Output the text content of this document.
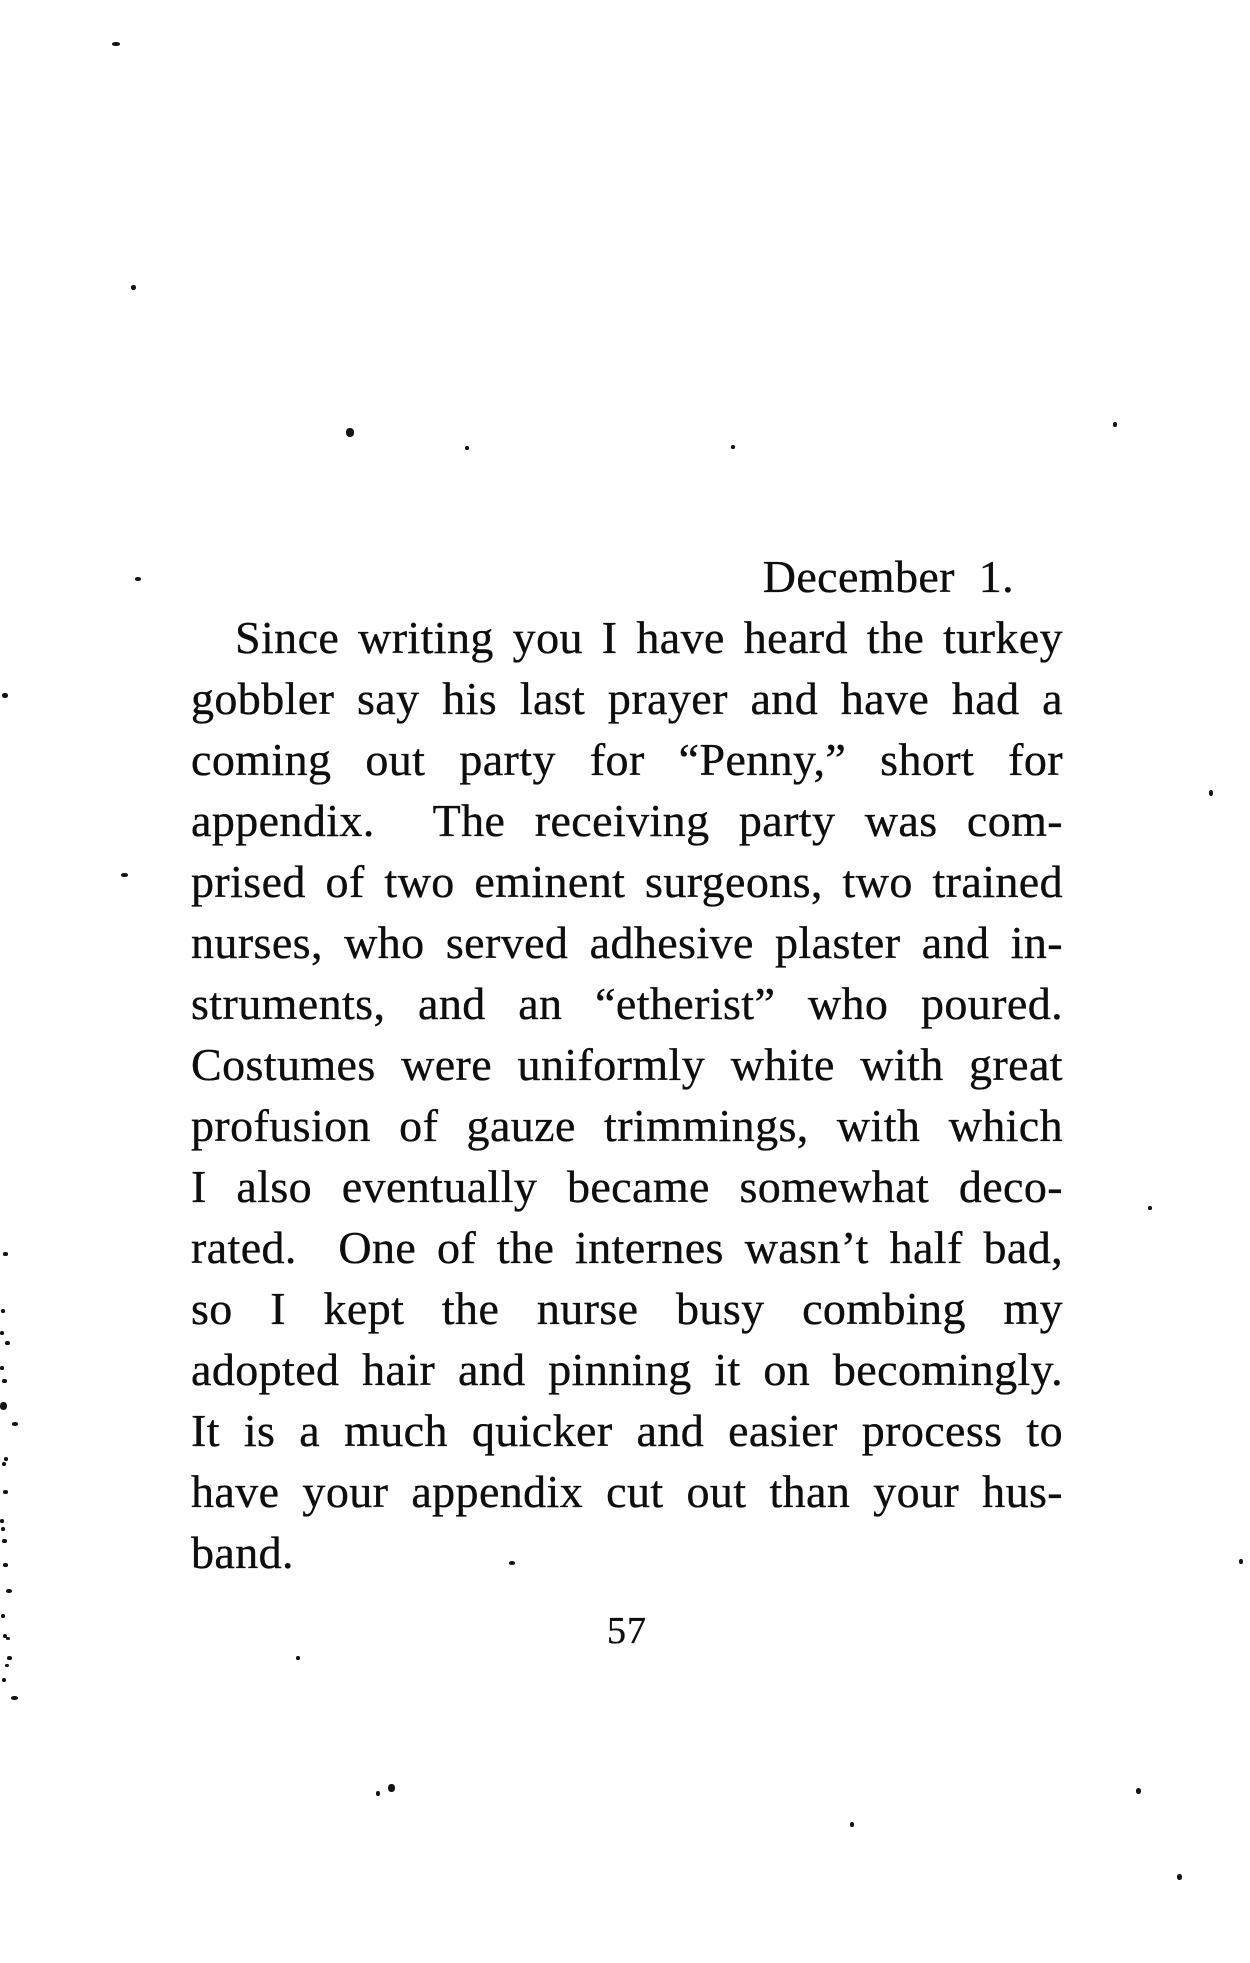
December  1.
Since writing you I have heard the turkey
gobbler say his last prayer and have had a
coming out party for “Penny,” short for
appendix.  The receiving party was com-
prised of two eminent surgeons, two trained
nurses, who served adhesive plaster and in-
struments, and an “etherist” who poured.
Costumes were uniformly white with great
profusion of gauze trimmings, with which
I also eventually became somewhat deco-
rated.  One of the internes wasn’t half bad,
so I kept the nurse busy combing my
adopted hair and pinning it on becomingly.
It is a much quicker and easier process to
have your appendix cut out than your hus-
band.
57
